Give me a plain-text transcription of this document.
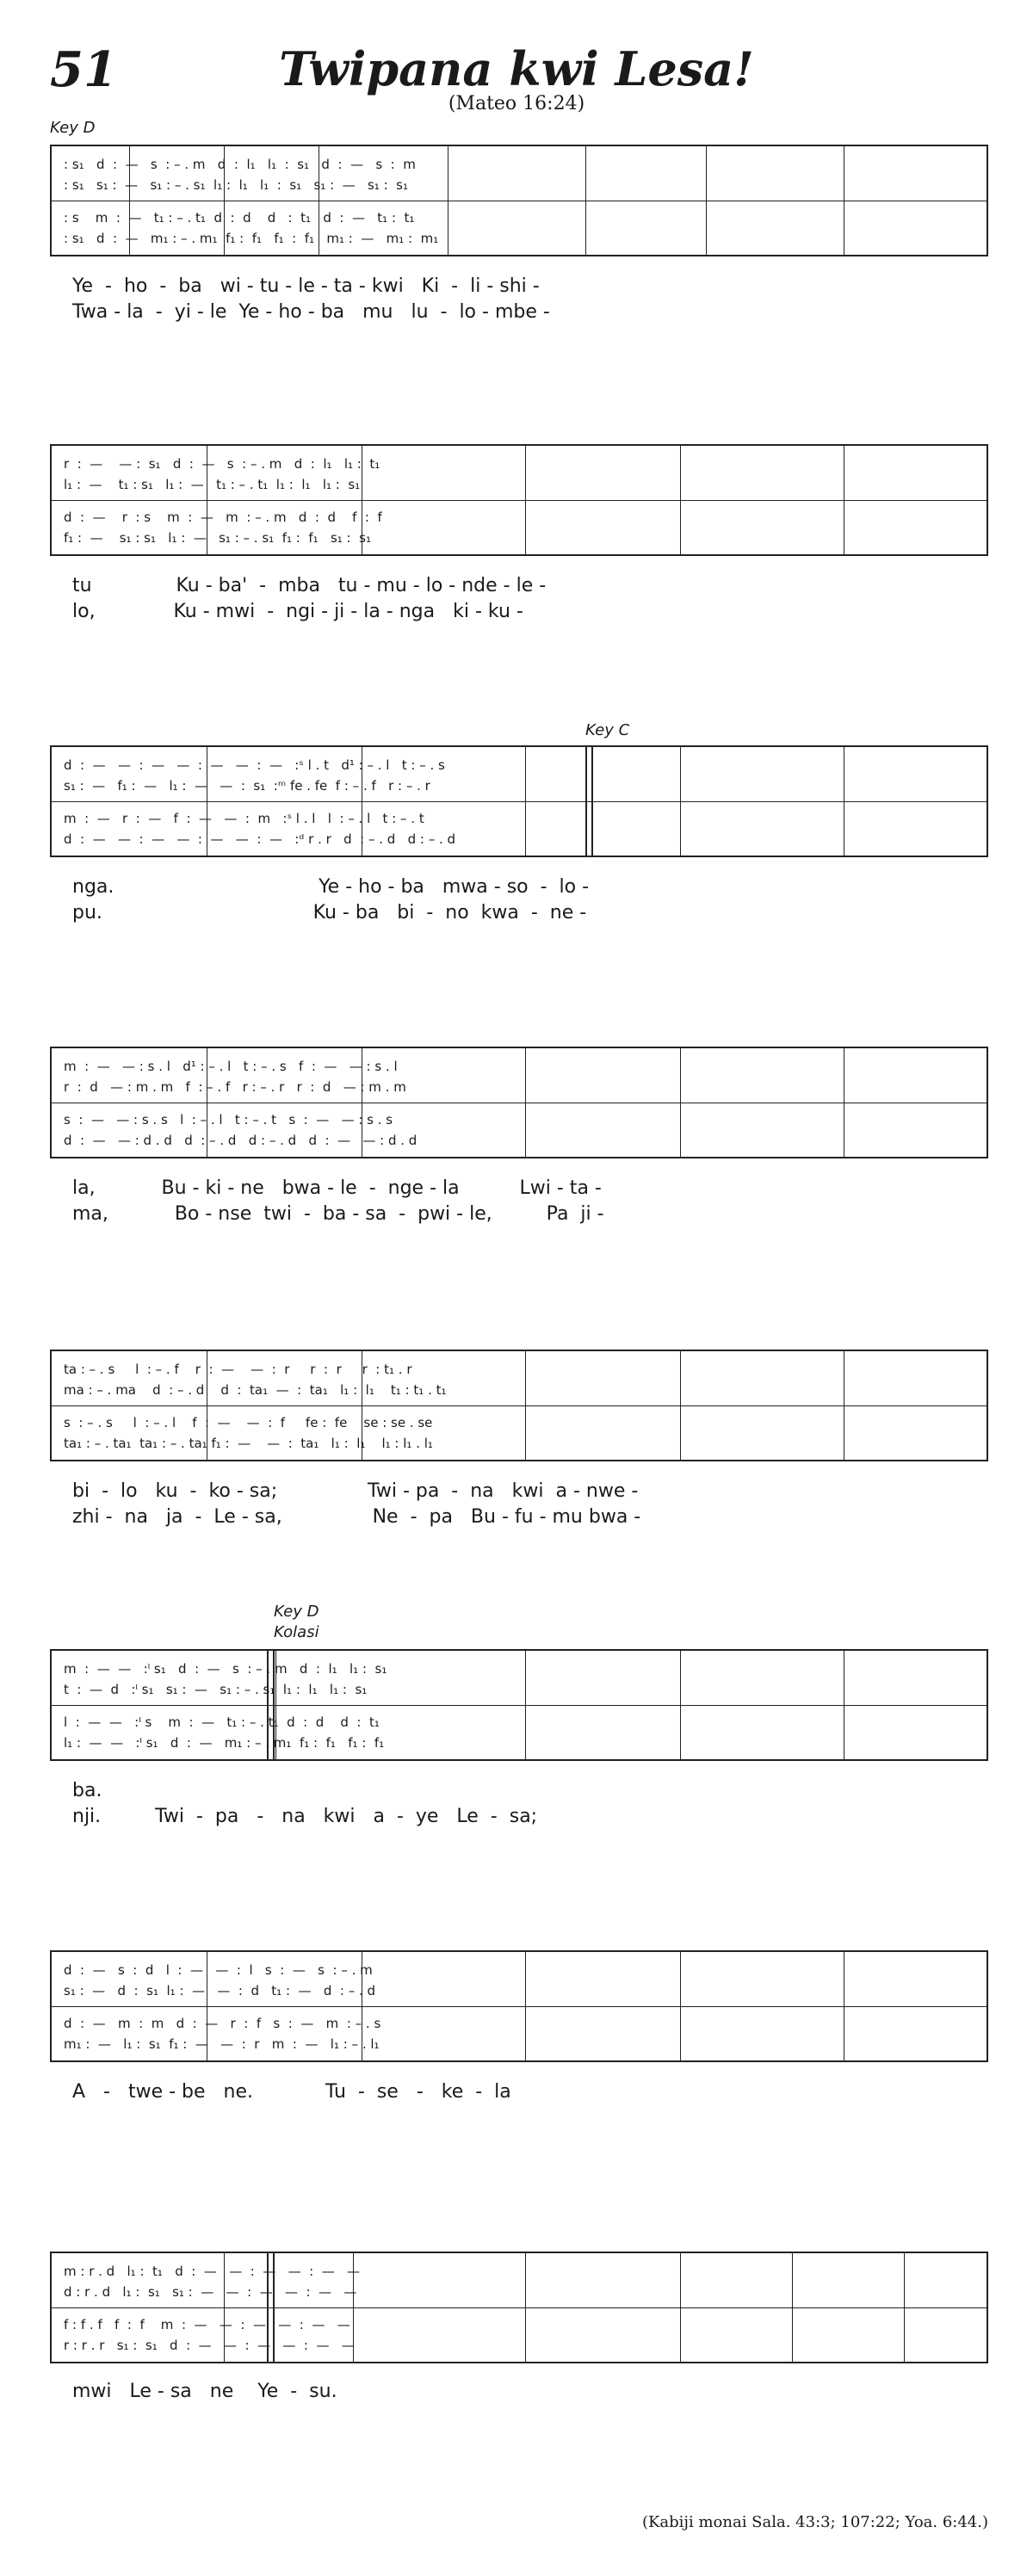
51	Twipana kwi Lesa!
(Mateo 16:24)
Key D
Key C
Key D
Kolasi
: s₁   d  :  —   s  : – . m   d  :  l₁   l₁  :  s₁   d  :  —   s  :  m
: s₁   s₁ :  —   s₁ : – . s₁  l₁ :  l₁   l₁  :  s₁   s₁ :  —   s₁ :  s₁
: s    m  :  —   t₁ : – . t₁  d  :  d    d   :  t₁   d  :  —   t₁ :  t₁
: s₁   d  :  —   m₁ : – . m₁  f₁ :  f₁   f₁  :  f₁   m₁ :  —   m₁ :  m₁
Ye  -  ho  -  ba   wi - tu - le - ta - kwi   Ki  -  li - shi -
Twa - la  -  yi - le  Ye - ho - ba   mu   lu  -  lo - mbe -
r  :  —    — :  s₁   d  :  —   s  : – . m   d  :  l₁   l₁ :  t₁
l₁ :  —    t₁ : s₁   l₁ :  —   t₁ : – . t₁  l₁ :  l₁   l₁ :  s₁
d  :  —    r  : s    m  :  —   m  : – . m   d  :  d    f  :  f
f₁ :  —    s₁ : s₁   l₁ :  —   s₁ : – . s₁  f₁ :  f₁   s₁ :  s₁
tu              Ku - ba'  -  mba   tu - mu - lo - nde - le -
lo,             Ku - mwi  -  ngi - ji - la - nga   ki - ku -
d  :  —   —  :  —   —  :  —   —  :  —   :ˢ l . t   d¹ : – . l   t : – . s
s₁ :  —   f₁ :  —   l₁ :  —   —  :  s₁  :ᵐ fe . fe  f : – . f   r : – . r
m  :  —   r  :  —   f  :  —   —  :  m   :ˢ l . l   l  : – . l   t : – . t
d  :  —   —  :  —   —  :  —   —  :  —   :ᵈ r . r   d  : – . d   d : – . d
nga.                                  Ye - ho - ba   mwa - so  -  lo -
pu.                                   Ku - ba   bi  -  no  kwa  -  ne -
m  :  —   — : s . l   d¹ : – . l   t : – . s   f  :  —   — : s . l
r  :  d   — : m . m   f  : – . f   r : – . r   r  :  d   — : m . m
s  :  —   — : s . s   l  : – . l   t : – . t   s  :  —   — : s . s
d  :  —   — : d . d   d  : – . d   d : – . d   d  :  —   — : d . d
la,           Bu - ki - ne   bwa - le  -  nge - la          Lwi - ta -
ma,           Bo - nse  twi  -  ba - sa  -  pwi - le,         Pa  ji -
ta : – . s     l  : – . f    r  :  —    —  :  r     r  :  r     r  : t₁ . r
ma : – . ma    d  : – . d    d  :  ta₁  —  :  ta₁   l₁ :  l₁    t₁ : t₁ . t₁
s  : – . s     l  : – . l    f  :  —    —  :  f     fe :  fe    se : se . se
ta₁ : – . ta₁  ta₁ : – . ta₁ f₁ :  —    —  :  ta₁   l₁ :  l₁    l₁ : l₁ . l₁
bi  -  lo   ku  -  ko - sa;               Twi - pa  -  na   kwi  a - nwe -
zhi -  na   ja  -  Le - sa,               Ne  -  pa   Bu - fu - mu bwa -
m  :  —  —   :ˡ s₁   d  :  —   s  : – . m   d  :  l₁   l₁ :  s₁
t  :  —  d   :ˡ s₁   s₁ :  —   s₁ : – . s₁  l₁ :  l₁   l₁ :  s₁
l  :  —  —   :ˡ s    m  :  —   t₁ : – . t₁  d  :  d    d  :  t₁
l₁ :  —  —   :ˡ s₁   d  :  —   m₁ : – . m₁  f₁ :  f₁   f₁ :  f₁
ba.
nji.         Twi  -  pa   -   na   kwi   a  -  ye   Le  -  sa;
d  :  —   s  :  d   l  :  —   —  :  l   s  :  —   s  : – . m
s₁ :  —   d  :  s₁  l₁ :  —   —  :  d   t₁ :  —   d  : – . d
d  :  —   m  :  m   d  :  —   r  :  f   s  :  —   m  : – . s
m₁ :  —   l₁ :  s₁  f₁ :  —   —  :  r   m  :  —   l₁ : – . l₁
A   -   twe - be   ne.            Tu  -  se   -   ke  -  la
m : r . d   l₁ :  t₁   d  :  —   —  :  —   —  :  —   —
d : r . d   l₁ :  s₁   s₁ :  —   —  :  —   —  :  —   —
f : f . f   f  :  f    m  :  —   —  :  —   —  :  —   —
r : r . r   s₁ :  s₁   d  :  —   —  :  —   —  :  —   —
mwi   Le - sa   ne    Ye  -  su.
(Kabiji monai Sala. 43:3; 107:22; Yoa. 6:44.)
